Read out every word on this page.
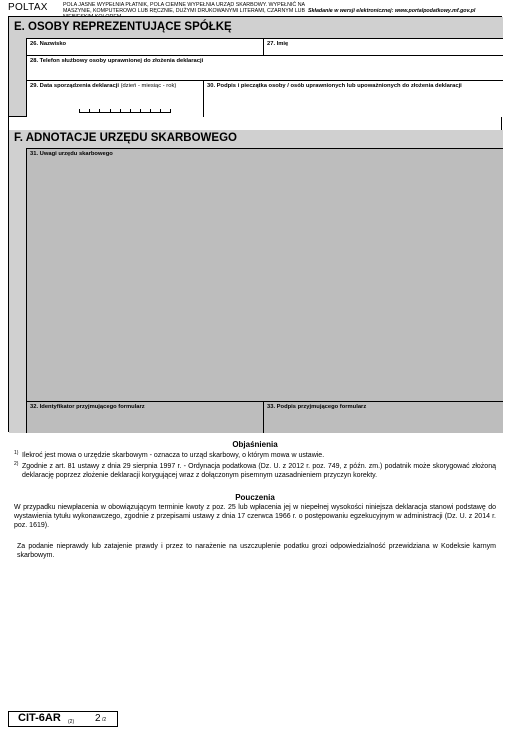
POLTAX	POLA JASNE WYPEŁNIA PŁATNIK, POLA CIEMNE WYPEŁNIA URZĄD SKARBOWY. WYPEŁNIĆ NA MASZYNIE, KOMPUTEROWO LUB RĘCZNIE, DUŻYMI DRUKOWANYMI LITERAMI, CZARNYM LUB Składanie w wersji elektronicznej: www.portalpodatkowy.mf.gov.pl
E. OSOBY REPREZENTUJĄCE SPÓŁKĘ
26. Nazwisko	27. Imię
28. Telefon służbowy osoby uprawnionej do złożenia deklaracji
29. Data sporządzenia deklaracji (dzień - miesiąc - rok)	30. Podpis i pieczątka osoby / osób uprawnionych lub upoważnionych do złożenia deklaracji
F. ADNOTACJE URZĘDU SKARBOWEGO
31. Uwagi urzędu skarbowego
32. Identyfikator przyjmującego formularz	33. Podpis przyjmującego formularz
Objaśnienia
1) Ilekroć jest mowa o urzędzie skarbowym - oznacza to urząd skarbowy, o którym mowa w ustawie.
2) Zgodnie z art. 81 ustawy z dnia 29 sierpnia 1997 r. - Ordynacja podatkowa (Dz. U. z 2012 r. poz. 749, z późn. zm.) podatnik może skorygować złożoną deklarację poprzez złożenie deklaracji korygującej wraz z dołączonym pisemnym uzasadnieniem przyczyn korekty.
Pouczenia
W przypadku niewpłacenia w obowiązującym terminie kwoty z poz. 25 lub wpłacenia jej w niepełnej wysokości niniejsza deklaracja stanowi podstawę do wystawienia tytułu wykonawczego, zgodnie z przepisami ustawy z dnia 17 czerwca 1966 r. o postępowaniu egzekucyjnym w administracji (Dz. U. z 2014 r. poz. 1619).
Za podanie nieprawdy lub zatajenie prawdy i przez to narażenie na uszczuplenie podatku grozi odpowiedzialność przewidziana w Kodeksie karnym skarbowym.
CIT-6AR (2) 2 /2
